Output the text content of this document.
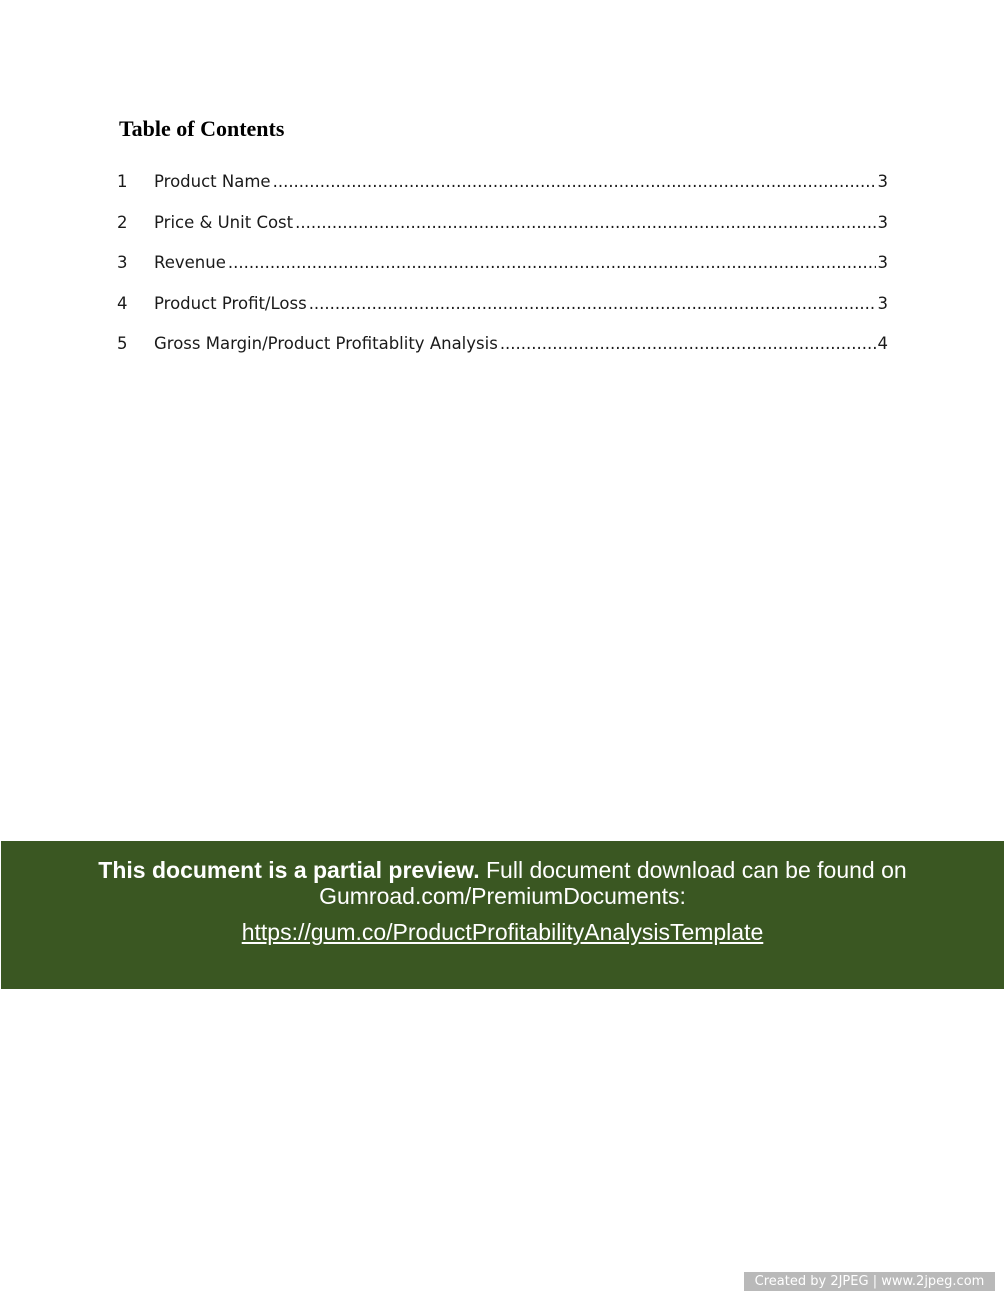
Table of Contents
1	Product Name .....	3
2	Price & Unit Cost .....	3
3	Revenue .....	3
4	Product Profit/Loss .....	3
5	Gross Margin/Product Profitablity Analysis .....	4
This document is a partial preview. Full document download can be found on
Gumroad.com/PremiumDocuments:
https://gum.co/ProductProfitabilityAnalysisTemplate
Created by 2JPEG | www.2jpeg.com
